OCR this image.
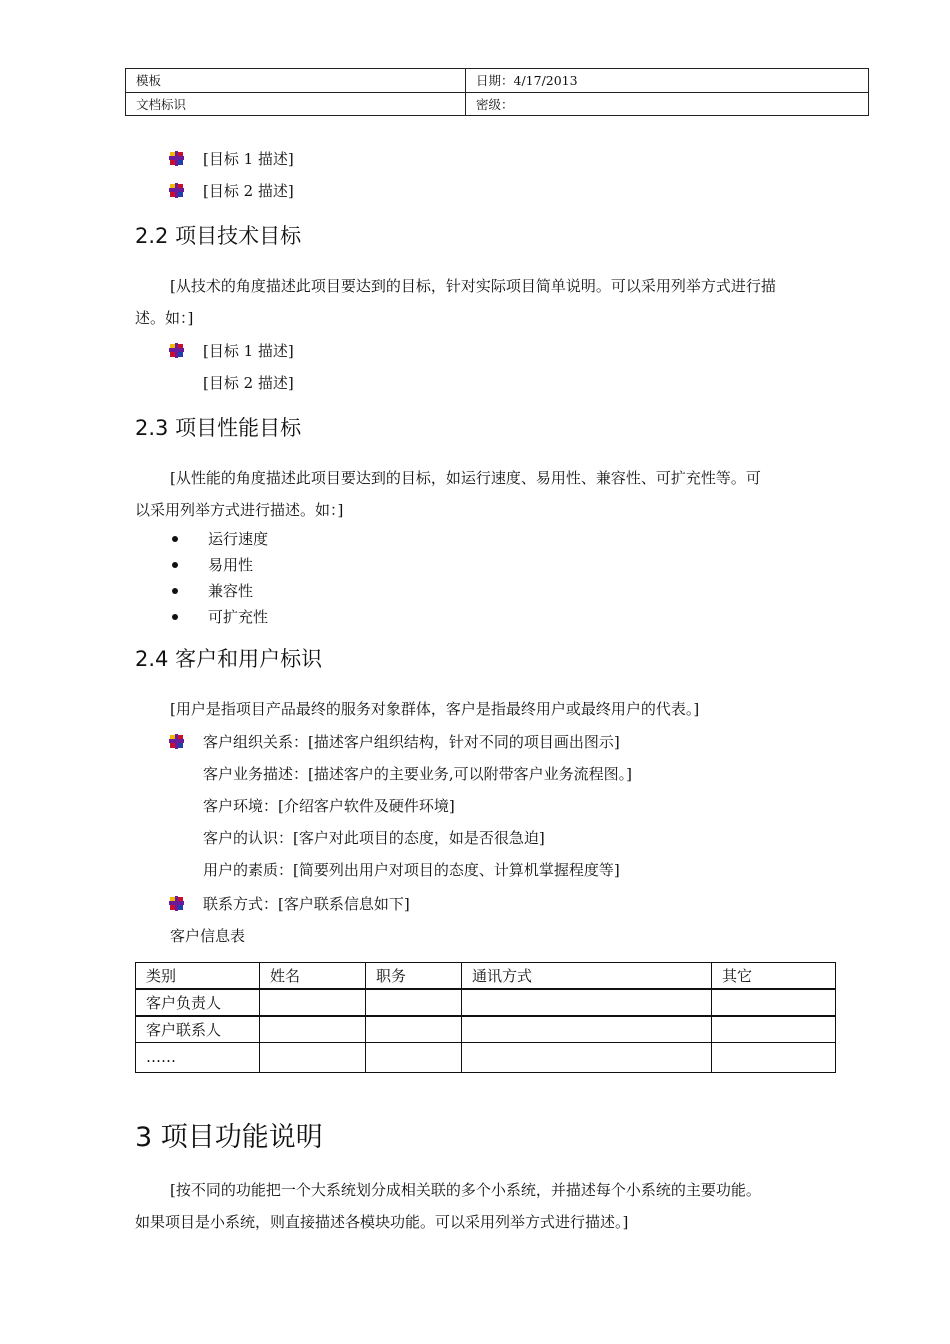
模板	日期：4/17/2013
文档标识	密级：
[目标 1 描述]
[目标 2 描述]
2.2 项目技术目标
[从技术的角度描述此项目要达到的目标，针对实际项目简单说明。可以采用列举方式进行描
述。如：]
[目标 1 描述]
[目标 2 描述]
2.3 项目性能目标
[从性能的角度描述此项目要达到的目标，如运行速度、易用性、兼容性、可扩充性等。可
以采用列举方式进行描述。如：]
运行速度
易用性
兼容性
可扩充性
2.4 客户和用户标识
[用户是指项目产品最终的服务对象群体，客户是指最终用户或最终用户的代表。]
客户组织关系：[描述客户组织结构，针对不同的项目画出图示]
客户业务描述：[描述客户的主要业务,可以附带客户业务流程图。]
客户环境：[介绍客户软件及硬件环境]
客户的认识：[客户对此项目的态度，如是否很急迫]
用户的素质：[简要列出用户对项目的态度、计算机掌握程度等]
联系方式：[客户联系信息如下]
客户信息表
类别	姓名	职务	通讯方式	其它
客户负责人				
客户联系人				
……				
3 项目功能说明
[按不同的功能把一个大系统划分成相关联的多个小系统，并描述每个小系统的主要功能。
如果项目是小系统，则直接描述各模块功能。可以采用列举方式进行描述。]
